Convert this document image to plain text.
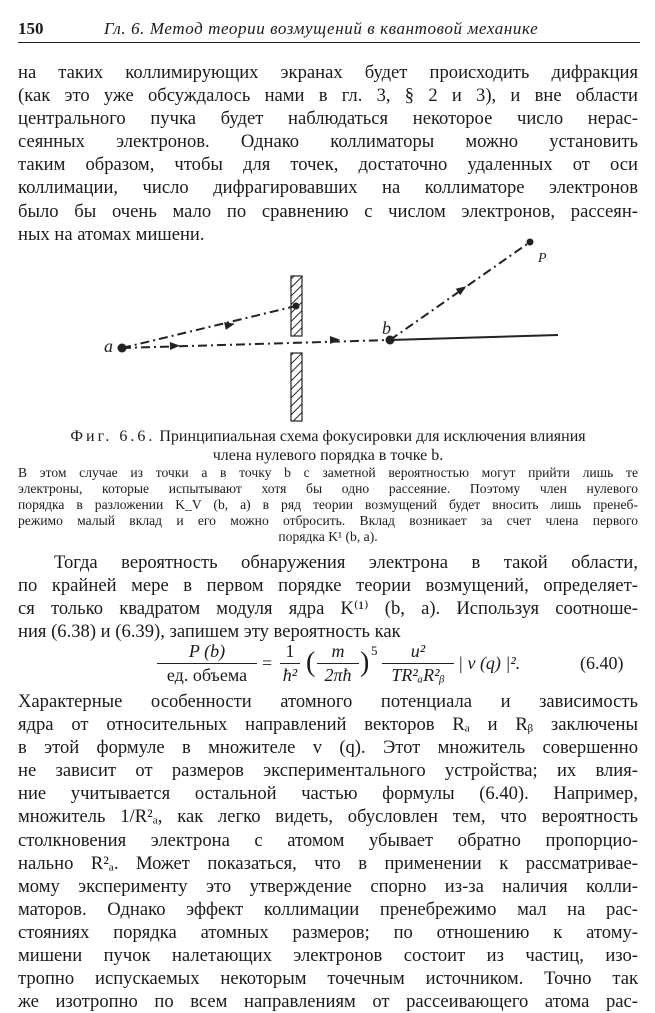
150	Гл. 6. Метод теории возмущений в квантовой механике
на таких коллимирующих экранах будет происходить дифракция
(как это уже обсуждалось нами в гл. 3, § 2 и 3), и вне области
центрального пучка будет наблюдаться некоторое число нерас-
сеянных электронов. Однако коллиматоры можно установить
таким образом, чтобы для точек, достаточно удаленных от оси
коллимации, число дифрагировавших на коллиматоре электронов
было бы очень мало по сравнению с числом электронов, рассеян-
ных на атомах мишени.
a
b
P
Фиг. 6.6. Принципиальная схема фокусировки для исключения влияния
члена нулевого порядка в точке b.
В этом случае из точки a в точку b с заметной вероятностью могут прийти лишь те
электроны, которые испытывают хотя бы одно рассеяние. Поэтому член нулевого
порядка в разложении K_V (b, a) в ряд теории возмущений будет вносить лишь пренеб-
режимо малый вклад и его можно отбросить. Вклад возникает за счет члена первого
порядка K¹ (b, a).
Тогда вероятность обнаружения электрона в такой области,
по крайней мере в первом порядке теории возмущений, определяет-
ся только квадратом модуля ядра K⁽¹⁾ (b, a). Используя соотноше-
ния (6.38) и (6.39), запишем эту вероятность как
P (b)
ед. объема
=
1
ħ² ( m
2πħ ) 5	u²
TR²ₐR²ᵦ
| v (q) |².	(6.40)
Характерные особенности атомного потенциала и зависимость
ядра от относительных направлений векторов Rₐ и Rᵦ заключены
в этой формуле в множителе v (q). Этот множитель совершенно
не зависит от размеров экспериментального устройства; их влия-
ние учитывается остальной частью формулы (6.40). Например,
множитель 1/R²ₐ, как легко видеть, обусловлен тем, что вероятность
столкновения электрона с атомом убывает обратно пропорцио-
нально R²ₐ. Может показаться, что в применении к рассматривае-
мому эксперименту это утверждение спорно из-за наличия колли-
маторов. Однако эффект коллимации пренебрежимо мал на рас-
стояниях порядка атомных размеров; по отношению к атому-
мишени пучок налетающих электронов состоит из частиц, изо-
тропно испускаемых некоторым точечным источником. Точно так
же изотропно по всем направлениям от рассеивающего атома рас-
